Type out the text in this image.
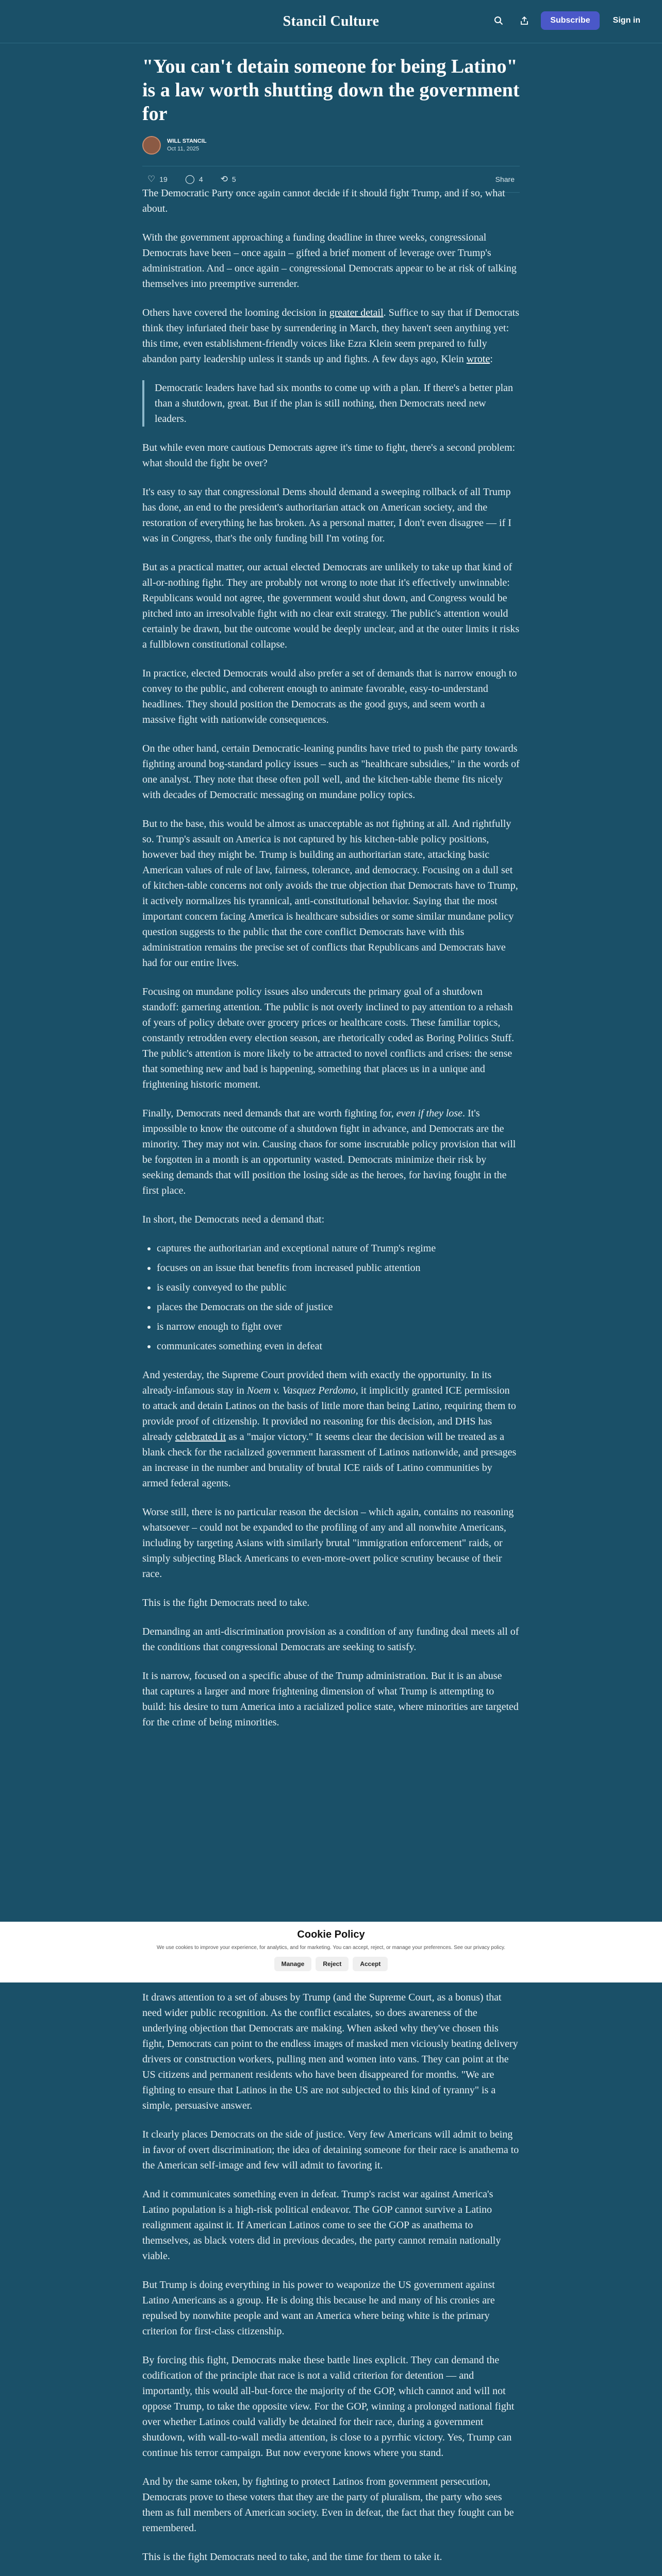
Stancil Culture	Subscribe	Sign in
"You can't detain someone for being Latino" is a law worth shutting down the government for
WILL STANCIL
Oct 11, 2025
♡ 19 ◯ 4 ⟲ 5	Share

The Democratic Party once again cannot decide if it should fight Trump, and if so, what about.

With the government approaching a funding deadline in three weeks, congressional Democrats have been – once again – gifted a brief moment of leverage over Trump's administration. And – once again – congressional Democrats appear to be at risk of talking themselves into preemptive surrender.

Others have covered the looming decision in greater detail. Suffice to say that if Democrats think they infuriated their base by surrendering in March, they haven't seen anything yet: this time, even establishment-friendly voices like Ezra Klein seem prepared to fully abandon party leadership unless it stands up and fights. A few days ago, Klein wrote:

Democratic leaders have had six months to come up with a plan. If there's a better plan than a shutdown, great. But if the plan is still nothing, then Democrats need new leaders.

But while even more cautious Democrats agree it's time to fight, there's a second problem: what should the fight be over?

It's easy to say that congressional Dems should demand a sweeping rollback of all Trump has done, an end to the president's authoritarian attack on American society, and the restoration of everything he has broken. As a personal matter, I don't even disagree — if I was in Congress, that's the only funding bill I'm voting for.

But as a practical matter, our actual elected Democrats are unlikely to take up that kind of all-or-nothing fight. They are probably not wrong to note that it's effectively unwinnable: Republicans would not agree, the government would shut down, and Congress would be pitched into an irresolvable fight with no clear exit strategy. The public's attention would certainly be drawn, but the outcome would be deeply unclear, and at the outer limits it risks a fullblown constitutional collapse.

In practice, elected Democrats would also prefer a set of demands that is narrow enough to convey to the public, and coherent enough to animate favorable, easy-to-understand headlines. They should position the Democrats as the good guys, and seem worth a massive fight with nationwide consequences.

On the other hand, certain Democratic-leaning pundits have tried to push the party towards fighting around bog-standard policy issues – such as "healthcare subsidies," in the words of one analyst. They note that these often poll well, and the kitchen-table theme fits nicely with decades of Democratic messaging on mundane policy topics.

But to the base, this would be almost as unacceptable as not fighting at all. And rightfully so. Trump's assault on America is not captured by his kitchen-table policy positions, however bad they might be. Trump is building an authoritarian state, attacking basic American values of rule of law, fairness, tolerance, and democracy. Focusing on a dull set of kitchen-table concerns not only avoids the true objection that Democrats have to Trump, it actively normalizes his tyrannical, anti-constitutional behavior. Saying that the most important concern facing America is healthcare subsidies or some similar mundane policy question suggests to the public that the core conflict Democrats have with this administration remains the precise set of conflicts that Republicans and Democrats have had for our entire lives.

Focusing on mundane policy issues also undercuts the primary goal of a shutdown standoff: garnering attention. The public is not overly inclined to pay attention to a rehash of years of policy debate over grocery prices or healthcare costs. These familiar topics, constantly retrodden every election season, are rhetorically coded as Boring Politics Stuff. The public's attention is more likely to be attracted to novel conflicts and crises: the sense that something new and bad is happening, something that places us in a unique and frightening historic moment.

Finally, Democrats need demands that are worth fighting for, even if they lose. It's impossible to know the outcome of a shutdown fight in advance, and Democrats are the minority. They may not win. Causing chaos for some inscrutable policy provision that will be forgotten in a month is an opportunity wasted. Democrats minimize their risk by seeking demands that will position the losing side as the heroes, for having fought in the first place.

In short, the Democrats need a demand that:

• captures the authoritarian and exceptional nature of Trump's regime
• focuses on an issue that benefits from increased public attention
• is easily conveyed to the public
• places the Democrats on the side of justice
• is narrow enough to fight over
• communicates something even in defeat

And yesterday, the Supreme Court provided them with exactly the opportunity. In its already-infamous stay in Noem v. Vasquez Perdomo, it implicitly granted ICE permission to attack and detain Latinos on the basis of little more than being Latino, requiring them to provide proof of citizenship. It provided no reasoning for this decision, and DHS has already celebrated it as a "major victory." It seems clear the decision will be treated as a blank check for the racialized government harassment of Latinos nationwide, and presages an increase in the number and brutality of brutal ICE raids of Latino communities by armed federal agents.

Worse still, there is no particular reason the decision – which again, contains no reasoning whatsoever – could not be expanded to the profiling of any and all nonwhite Americans, including by targeting Asians with similarly brutal "immigration enforcement" raids, or simply subjecting Black Americans to even-more-overt police scrutiny because of their race.

This is the fight Democrats need to take.

Demanding an anti-discrimination provision as a condition of any funding deal meets all of the conditions that congressional Democrats are seeking to satisfy.

It is narrow, focused on a specific abuse of the Trump administration. But it is an abuse that captures a larger and more frightening dimension of what Trump is attempting to build: his desire to turn America into a racialized police state, where minorities are targeted for the crime of being minorities.

Cookie Policy
We use cookies to improve your experience, for analytics, and for marketing. You can accept, reject, or manage your preferences. See our privacy policy.
Manage	Reject	Accept

It draws attention to a set of abuses by Trump (and the Supreme Court, as a bonus) that need wider public recognition. As the conflict escalates, so does awareness of the underlying objection that Democrats are making. When asked why they've chosen this fight, Democrats can point to the endless images of masked men viciously beating delivery drivers or construction workers, pulling men and women into vans. They can point at the US citizens and permanent residents who have been disappeared for months. "We are fighting to ensure that Latinos in the US are not subjected to this kind of tyranny" is a simple, persuasive answer.

It clearly places Democrats on the side of justice. Very few Americans will admit to being in favor of overt discrimination; the idea of detaining someone for their race is anathema to the American self-image and few will admit to favoring it.

And it communicates something even in defeat. Trump's racist war against America's Latino population is a high-risk political endeavor. The GOP cannot survive a Latino realignment against it. If American Latinos come to see the GOP as anathema to themselves, as black voters did in previous decades, the party cannot remain nationally viable.

But Trump is doing everything in his power to weaponize the US government against Latino Americans as a group. He is doing this because he and many of his cronies are repulsed by nonwhite people and want an America where being white is the primary criterion for first-class citizenship.

By forcing this fight, Democrats make these battle lines explicit. They can demand the codification of the principle that race is not a valid criterion for detention — and importantly, this would all-but-force the majority of the GOP, which cannot and will not oppose Trump, to take the opposite view. For the GOP, winning a prolonged national fight over whether Latinos could validly be detained for their race, during a government shutdown, with wall-to-wall media attention, is close to a pyrrhic victory. Yes, Trump can continue his terror campaign. But now everyone knows where you stand.

And by the same token, by fighting to protect Latinos from government persecution, Democrats prove to these voters that they are the party of pluralism, the party who sees them as full members of American society. Even in defeat, the fact that they fought can be remembered.

This is the fight Democrats need to take, and the time for them to take it.
